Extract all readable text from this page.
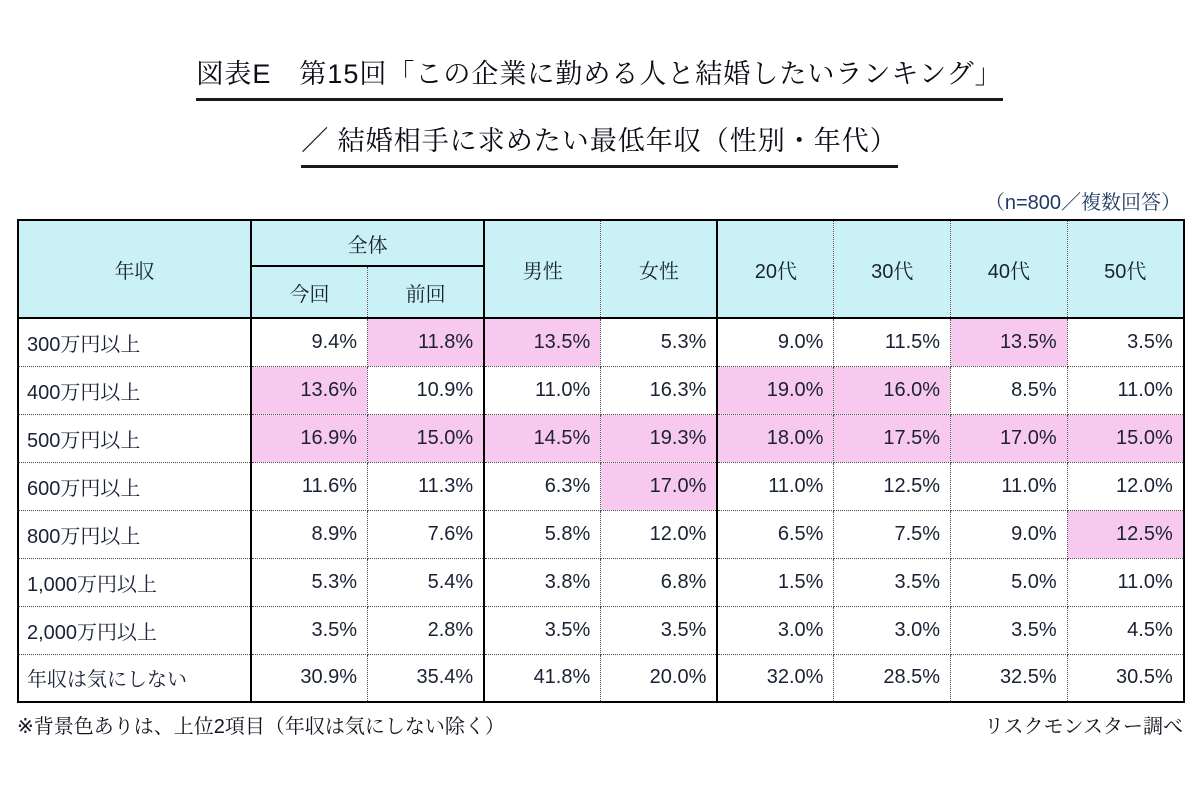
図表E　第15回「この企業に勤める人と結婚したいランキング」
／ 結婚相手に求めたい最低年収（性別・年代）
（n=800／複数回答）
年収	全体		男性	女性	20代	30代	40代	50代
	今回	前回						
300万円以上	9.4%	11.8%	13.5%	5.3%	9.0%	11.5%	13.5%	3.5%
400万円以上	13.6%	10.9%	11.0%	16.3%	19.0%	16.0%	8.5%	11.0%
500万円以上	16.9%	15.0%	14.5%	19.3%	18.0%	17.5%	17.0%	15.0%
600万円以上	11.6%	11.3%	6.3%	17.0%	11.0%	12.5%	11.0%	12.0%
800万円以上	8.9%	7.6%	5.8%	12.0%	6.5%	7.5%	9.0%	12.5%
1,000万円以上	5.3%	5.4%	3.8%	6.8%	1.5%	3.5%	5.0%	11.0%
2,000万円以上	3.5%	2.8%	3.5%	3.5%	3.0%	3.0%	3.5%	4.5%
年収は気にしない	30.9%	35.4%	41.8%	20.0%	32.0%	28.5%	32.5%	30.5%
※背景色ありは、上位2項目（年収は気にしない除く）	リスクモンスター調べ
